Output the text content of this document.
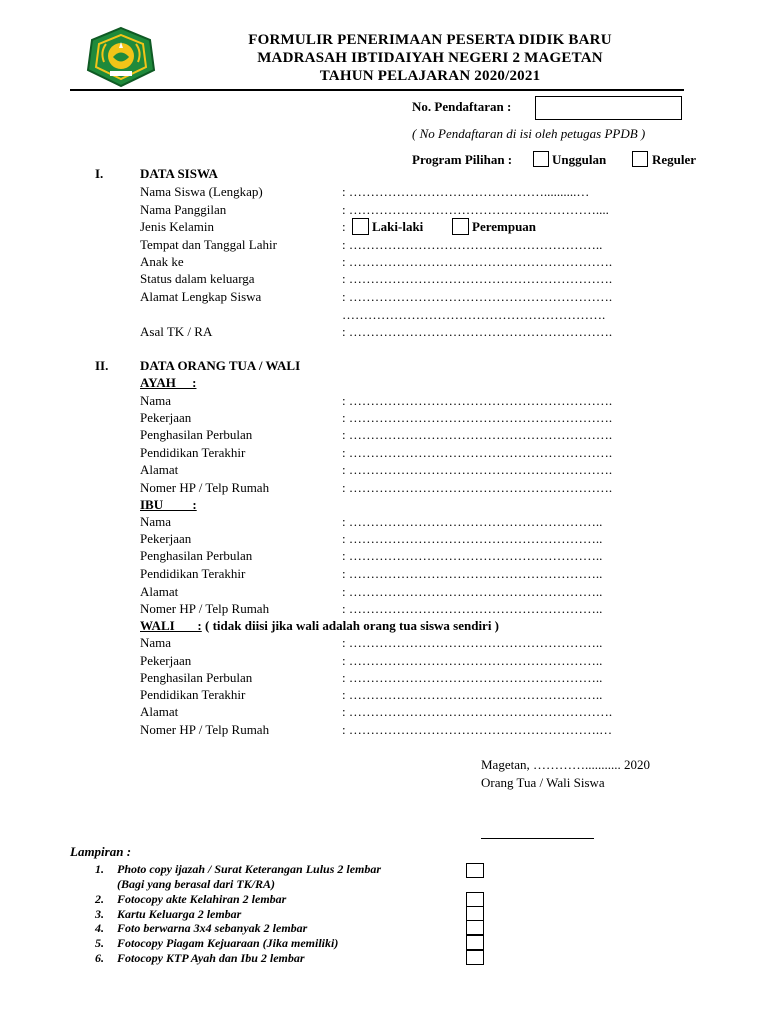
FORMULIR PENERIMAAN PESERTA DIDIK BARU
MADRASAH IBTIDAIYAH NEGERI 2 MAGETAN
TAHUN PELAJARAN 2020/2021
No. Pendaftaran :
( No Pendaftaran di isi oleh petugas PPDB )
Program Pilihan :	Unggulan	Reguler
I.	DATA SISWA
Nama Siswa (Lengkap)	: ………………………………………..........…
Nama Panggilan	: …………………………………………………....
Jenis Kelamin	: Laki-laki	Perempuan
Tempat dan Tanggal Lahir	: …………………………………………………..
Anak ke	: …………………………………………………….
Status dalam keluarga	: …………………………………………………….
Alamat Lengkap Siswa	: …………………………………………………….
…………………………………………………….
Asal TK / RA	: …………………………………………………….
II. DATA ORANG TUA / WALI
AYAH     :
Nama	: …………………………………………………….
Pekerjaan	: …………………………………………………….
Penghasilan Perbulan	: …………………………………………………….
Pendidikan Terakhir	: …………………………………………………….
Alamat	: …………………………………………………….
Nomer HP / Telp Rumah	: …………………………………………………….
IBU         :
Nama	: …………………………………………………..
Pekerjaan	: …………………………………………………..
Penghasilan Perbulan	: …………………………………………………..
Pendidikan Terakhir	: …………………………………………………..
Alamat	: …………………………………………………..
Nomer HP / Telp Rumah	: …………………………………………………..
WALI       : ( tidak diisi jika wali adalah orang tua siswa sendiri )
Nama	: …………………………………………………..
Pekerjaan	: …………………………………………………..
Penghasilan Perbulan	: …………………………………………………..
Pendidikan Terakhir	: …………………………………………………..
Alamat	: …………………………………………………….
Nomer HP / Telp Rumah	: ………………………………………………….…
Magetan, …………........... 2020
Orang Tua / Wali Siswa
Lampiran :
1. Photo copy ijazah / Surat Keterangan Lulus 2 lembar
(Bagi yang berasal dari TK/RA)
2. Fotocopy akte Kelahiran 2 lembar
3. Kartu Keluarga 2 lembar
4. Foto berwarna 3x4 sebanyak 2 lembar
5. Fotocopy Piagam Kejuaraan (Jika memiliki)
6. Fotocopy KTP Ayah dan Ibu 2 lembar
